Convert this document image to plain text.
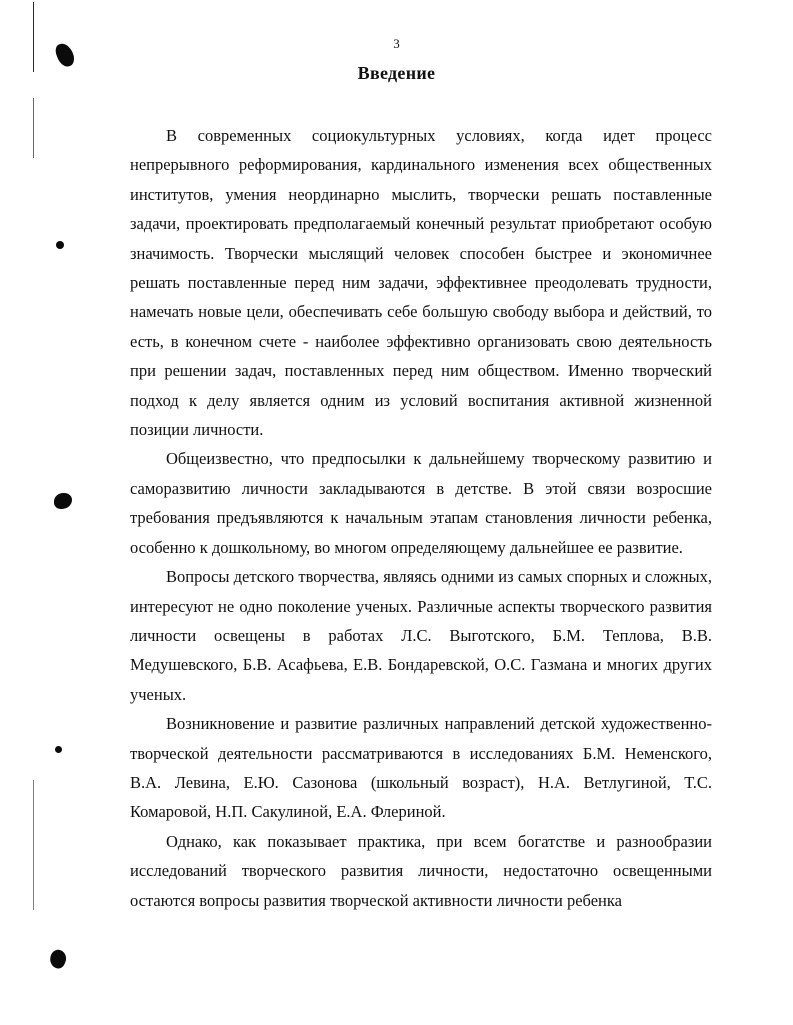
3
Введение

В современных социокультурных условиях, когда идет процесс непрерывного реформирования, кардинального изменения всех общественных институтов, умения неординарно мыслить, творчески решать поставленные задачи, проектировать предполагаемый конечный результат приобретают особую значимость. Творчески мыслящий человек способен быстрее и экономичнее решать поставленные перед ним задачи, эффективнее преодолевать трудности, намечать новые цели, обеспечивать себе большую свободу выбора и действий, то есть, в конечном счете - наиболее эффективно организовать свою деятельность при решении задач, поставленных перед ним обществом. Именно творческий подход к делу является одним из условий воспитания активной жизненной позиции личности.

Общеизвестно, что предпосылки к дальнейшему творческому развитию и саморазвитию личности закладываются в детстве. В этой связи возросшие требования предъявляются к начальным этапам становления личности ребенка, особенно к дошкольному, во многом определяющему дальнейшее ее развитие.

Вопросы детского творчества, являясь одними из самых спорных и сложных, интересуют не одно поколение ученых. Различные аспекты творческого развития личности освещены в работах Л.С. Выготского, Б.М. Теплова, В.В. Медушевского, Б.В. Асафьева, Е.В. Бондаревской, О.С. Газмана и многих других ученых.

Возникновение и развитие различных направлений детской художественно-творческой деятельности рассматриваются в исследованиях Б.М. Неменского, В.А. Левина, Е.Ю. Сазонова (школьный возраст), Н.А. Ветлугиной, Т.С. Комаровой, Н.П. Сакулиной, Е.А. Флериной.

Однако, как показывает практика, при всем богатстве и разнообразии исследований творческого развития личности, недостаточно освещенными остаются вопросы развития творческой активности личности ребенка
